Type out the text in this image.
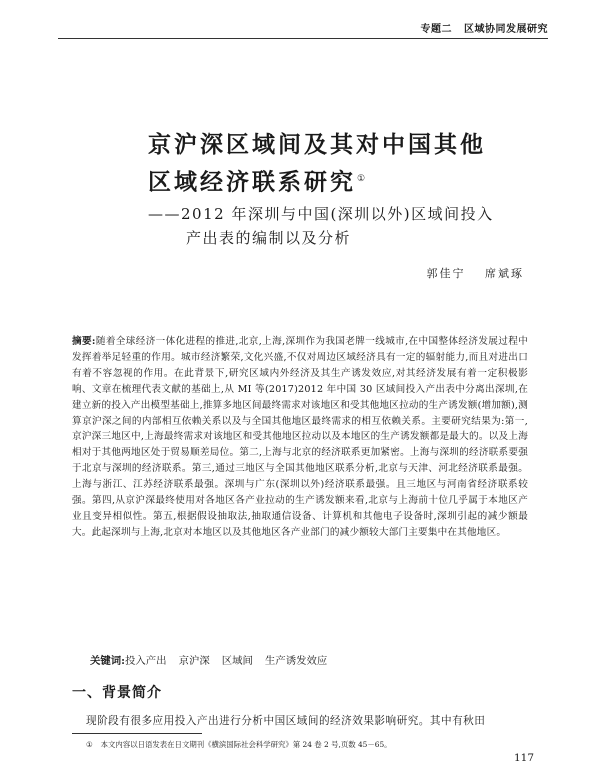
专题二 区域协同发展研究
京沪深区域间及其对中国其他
区域经济联系研究①
——2012 年深圳与中国(深圳以外)区域间投入
产出表的编制以及分析
郭佳宁 席斌琢
摘要:随着全球经济一体化进程的推进,北京,上海,深圳作为我国老牌一线城市,在中国整体经济发展过程中发挥着举足轻重的作用。城市经济繁荣,文化兴盛,不仅对周边区域经济具有一定的辐射能力,而且对进出口有着不容忽视的作用。在此背景下,研究区域内外经济及其生产诱发效应,对其经济发展有着一定积极影响、文章在梳理代表文献的基础上,从 MI 等(2017)2012 年中国 30 区域间投入产出表中分离出深圳,在建立新的投入产出模型基础上,推算多地区间最终需求对该地区和受其他地区拉动的生产诱发额(增加额),测算京沪深之间的内部相互依赖关系以及与全国其他地区最终需求的相互依赖关系。主要研究结果为:第一,京沪深三地区中,上海最终需求对该地区和受其他地区拉动以及本地区的生产诱发额都是最大的。以及上海相对于其他两地区处于贸易顺差局位。第二,上海与北京的经济联系更加紧密。上海与深圳的经济联系要强于北京与深圳的经济联系。第三,通过三地区与全国其他地区联系分析,北京与天津、河北经济联系最强。上海与浙江、江苏经济联系最强。深圳与广东(深圳以外)经济联系最强。且三地区与河南省经济联系较强。第四,从京沪深最终使用对各地区各产业拉动的生产诱发额来看,北京与上海前十位几乎属于本地区产业且变异相似性。第五,根据假设抽取法,抽取通信设备、计算机和其他电子设备时,深圳引起的减少额最大。此起深圳与上海,北京对本地区以及其他地区各产业部门的减少额较大部门主要集中在其他地区。
关键词:投入产出 京沪深 区域间 生产诱发效应
一、背景简介
现阶段有很多应用投入产出进行分析中国区域间的经济效果影响研究。其中有秋田
① 本文内容以日语发表在日文期刊《横滨国际社会科学研究》第 24 卷 2 号,页数 45－65。
117
